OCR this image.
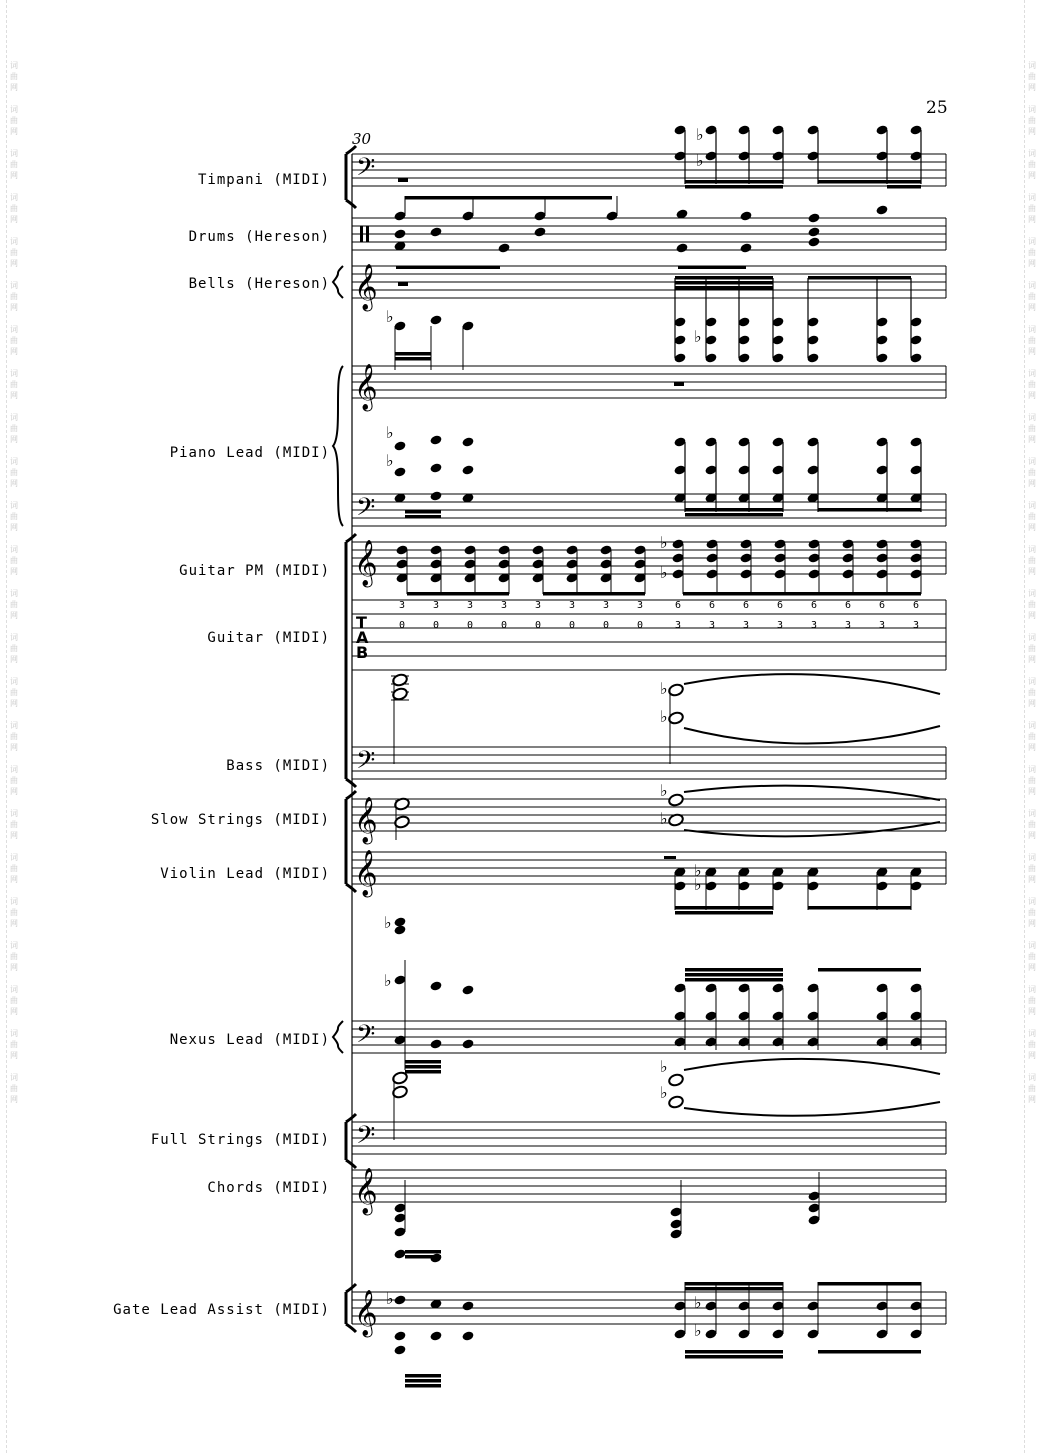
词
曲
网

词
曲
网

词
曲
网

词
曲
网

词
曲
网

词
曲
网

词
曲
网

词
曲
网

词
曲
网

词
曲
网

词
曲
网

词
曲
网

词
曲
网

词
曲
网

词
曲
网

词
曲
网

词
曲
网

词
曲
网

词
曲
网

词
曲
网

词
曲
网

词
曲
网

词
曲
网

词
曲
网

词
曲
网

词
曲
网

词
曲
网

词
曲
网

词
曲
网

词
曲
网

词
曲
网

词
曲
网

词
曲
网

词
曲
网

词
曲
网

词
曲
网

词
曲
网

词
曲
网

词
曲
网

词
曲
网

词
曲
网

词
曲
网

词
曲
网

词
曲
网

词
曲
网

词
曲
网

词
曲
网

词
曲
网

25
30
Timpani (MIDI)
Drums (Hereson)
Bells (Hereson)
Piano Lead (MIDI)
Guitar PM (MIDI)
Guitar (MIDI)
Bass (MIDI)
Slow Strings (MIDI)
Violin Lead (MIDI)
Nexus Lead (MIDI)
Full Strings (MIDI)
Chords (MIDI)
Gate Lead Assist (MIDI)
𝄢
𝄞
𝄞
𝄢
𝄞
𝄢
𝄞
𝄞
𝄢
𝄢
𝄞
𝄞
T
A
B
♭
♭
♭
♭
♭
♭
♭
♭
3
0
3
0
3
0
3
0
3
0
3
0
3
0
3
0
6
3
6
3
6
3
6
3
6
3
6
3
6
3
6
3
♭
♭
♭
♭
♭
♭
♭
♭
♭
♭
♭	♭
♭
